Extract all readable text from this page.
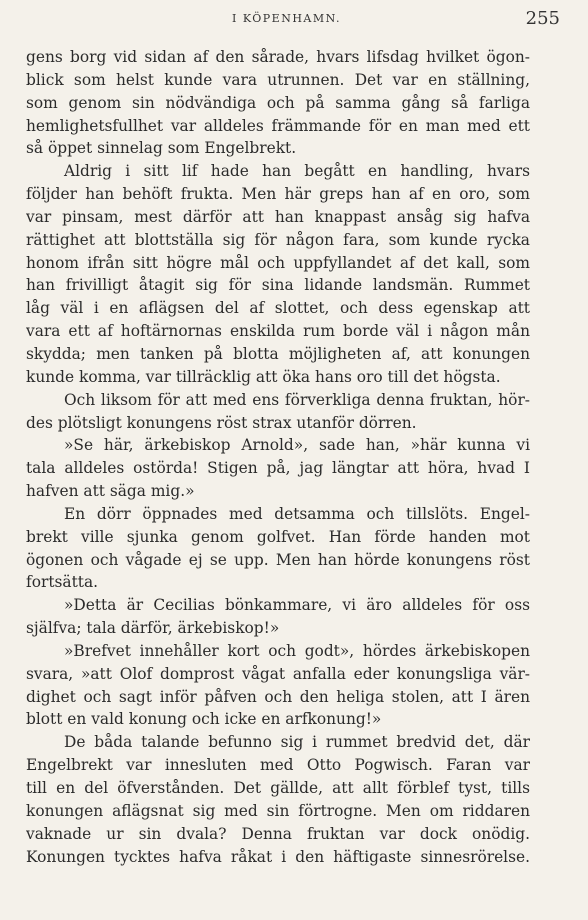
I KÖPENHAMN.	255
gens borg vid sidan af den sårade, hvars lifsdag hvilket ögon-
blick som helst kunde vara utrunnen. Det var en ställning,
som genom sin nödvändiga och på samma gång så farliga
hemlighetsfullhet var alldeles främmande för en man med ett
så öppet sinnelag som Engelbrekt.
Aldrig i sitt lif hade han begått en handling, hvars
följder han behöft frukta. Men här greps han af en oro, som
var pinsam, mest därför att han knappast ansåg sig hafva
rättighet att blottställa sig för någon fara, som kunde rycka
honom ifrån sitt högre mål och uppfyllandet af det kall, som
han frivilligt åtagit sig för sina lidande landsmän. Rummet
låg väl i en aflägsen del af slottet, och dess egenskap att
vara ett af hoftärnornas enskilda rum borde väl i någon mån
skydda; men tanken på blotta möjligheten af, att konungen
kunde komma, var tillräcklig att öka hans oro till det högsta.
Och liksom för att med ens förverkliga denna fruktan, hör-
des plötsligt konungens röst strax utanför dörren.
»Se här, ärkebiskop Arnold», sade han, »här kunna vi
tala alldeles ostörda! Stigen på, jag längtar att höra, hvad I
hafven att säga mig.»
En dörr öppnades med detsamma och tillslöts. Engel-
brekt ville sjunka genom golfvet. Han förde handen mot
ögonen och vågade ej se upp. Men han hörde konungens röst
fortsätta.
»Detta är Cecilias bönkammare, vi äro alldeles för oss
själfva; tala därför, ärkebiskop!»
»Brefvet innehåller kort och godt», hördes ärkebiskopen
svara, »att Olof domprost vågat anfalla eder konungsliga vär-
dighet och sagt inför påfven och den heliga stolen, att I ären
blott en vald konung och icke en arfkonung!»
De båda talande befunno sig i rummet bredvid det, där
Engelbrekt var innesluten med Otto Pogwisch. Faran var
till en del öfverstånden. Det gällde, att allt förblef tyst, tills
konungen aflägsnat sig med sin förtrogne. Men om riddaren
vaknade ur sin dvala? Denna fruktan var dock onödig.
Konungen tycktes hafva råkat i den häftigaste sinnesrörelse.
